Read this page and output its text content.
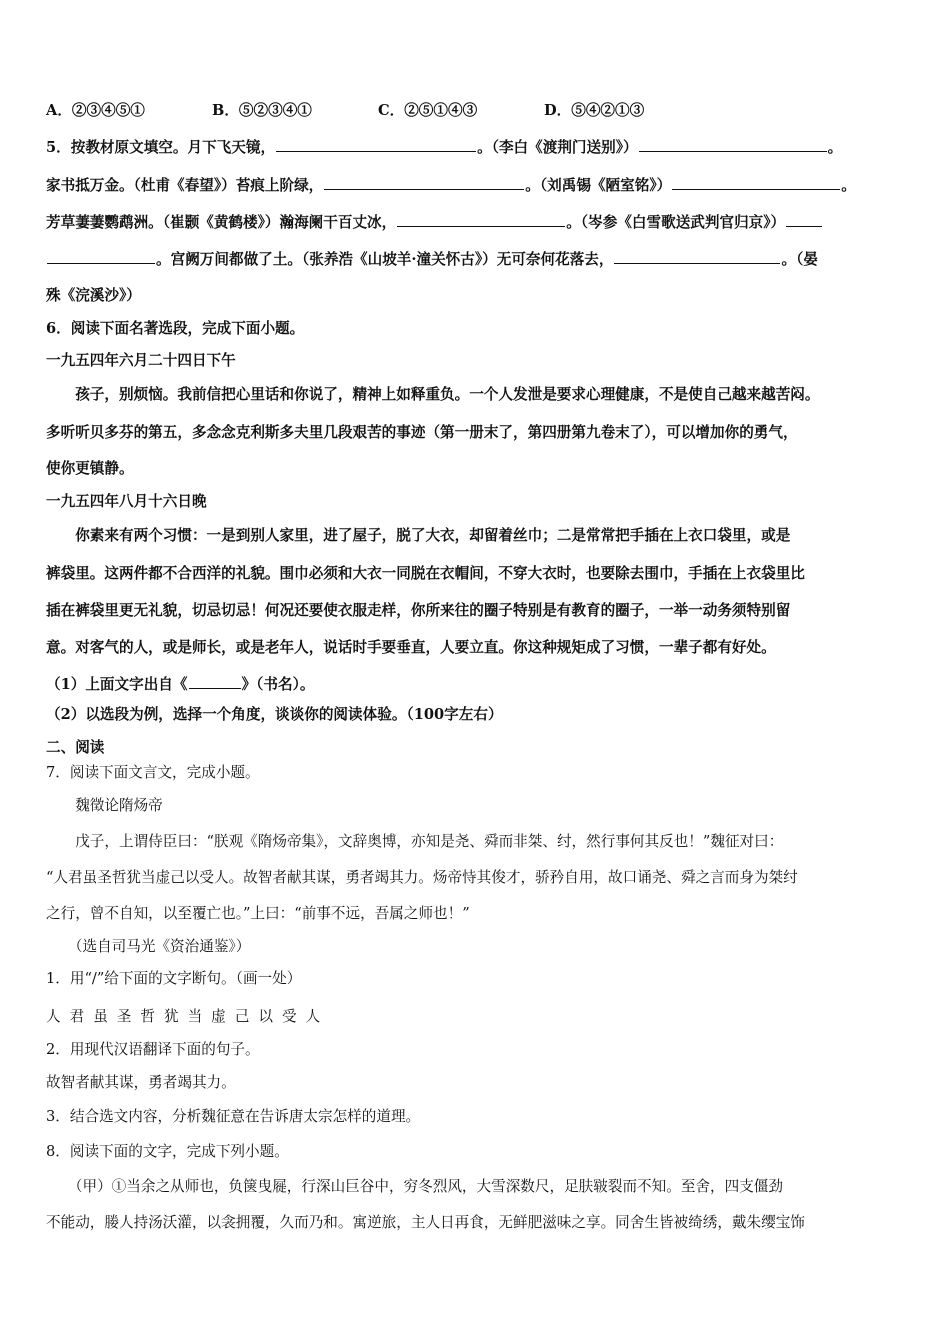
A．②③④⑤①	B．⑤②③④①	C．②⑤①④③	D．⑤④②①③
5．按教材原文填空。月下飞天镜，	。（李白《渡荆门送别》）	。
家书抵万金。（杜甫《春望》）苔痕上阶绿，	。（刘禹锡《陋室铭》）	。
芳草萋萋鹦鹉洲。（崔颢《黄鹤楼》）瀚海阑干百丈冰，	。（岑参《白雪歌送武判官归京》）
。宫阙万间都做了土。（张养浩《山坡羊·潼关怀古》）无可奈何花落去，	。（晏
殊《浣溪沙》）
6．阅读下面名著选段，完成下面小题。
一九五四年六月二十四日下午
　　孩子，别烦恼。我前信把心里话和你说了，精神上如释重负。一个人发泄是要求心理健康，不是使自己越来越苦闷。
多听听贝多芬的第五，多念念克利斯多夫里几段艰苦的事迹（第一册末了，第四册第九卷末了），可以增加你的勇气，
使你更镇静。
一九五四年八月十六日晚
　　你素来有两个习惯：一是到别人家里，进了屋子，脱了大衣，却留着丝巾；二是常常把手插在上衣口袋里，或是
裤袋里。这两件都不合西洋的礼貌。围巾必须和大衣一同脱在衣帽间，不穿大衣时，也要除去围巾，手插在上衣袋里比
插在裤袋里更无礼貌，切忌切忌！何况还要使衣服走样，你所来往的圈子特别是有教育的圈子，一举一动务须特别留
意。对客气的人，或是师长，或是老年人，说话时手要垂直，人要立直。你这种规矩成了习惯，一辈子都有好处。
（1）上面文字出自《	》（书名）。
（2）以选段为例，选择一个角度，谈谈你的阅读体验。（100字左右）
二、阅读
7．阅读下面文言文，完成小题。
　　魏徵论隋炀帝
　　戊子，上谓侍臣曰：“朕观《隋炀帝集》，文辞奥博，亦知是尧、舜而非桀、纣，然行事何其反也！”魏征对曰：
“人君虽圣哲犹当虚己以受人。故智者献其谋，勇者竭其力。炀帝恃其俊才，骄矜自用，故口诵尧、舜之言而身为桀纣
之行，曾不自知，以至覆亡也。”上曰：“前事不远，吾属之师也！”
　　（选自司马光《资治通鉴》）
1．用“/”给下面的文字断句。（画一处）
人君虽圣哲犹当虚己以受人
2．用现代汉语翻译下面的句子。
故智者献其谋，勇者竭其力。
3．结合选文内容，分析魏征意在告诉唐太宗怎样的道理。
8．阅读下面的文字，完成下列小题。
　　（甲）①当余之从师也，负箧曳屣，行深山巨谷中，穷冬烈风，大雪深数尺，足肤皲裂而不知。至舍，四支僵劲
不能动，媵人持汤沃灌，以衾拥覆，久而乃和。寓逆旅，主人日再食，无鲜肥滋味之享。同舍生皆被绮绣，戴朱缨宝饰
